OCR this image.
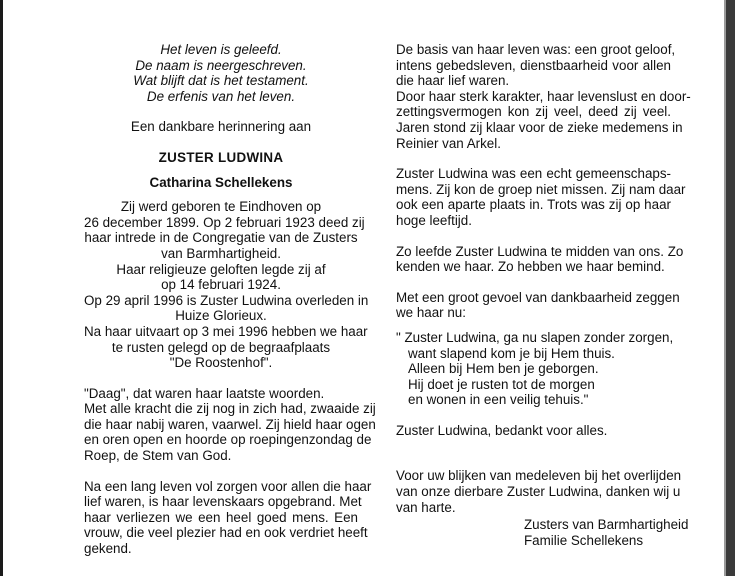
Het leven is geleefd.
De naam is neergeschreven.
Wat blijft dat is het testament.
De erfenis van het leven.
Een dankbare herinnering aan
ZUSTER LUDWINA
Catharina Schellekens
Zij werd geboren te Eindhoven op
26 december 1899. Op 2 februari 1923 deed zij
haar intrede in de Congregatie van de Zusters
van Barmhartigheid.
Haar religieuze geloften legde zij af
op 14 februari 1924.
Op 29 april 1996 is Zuster Ludwina overleden in
Huize Glorieux.
Na haar uitvaart op 3 mei 1996 hebben we haar
te rusten gelegd op de begraafplaats
"De Roostenhof".
"Daag", dat waren haar laatste woorden.
Met alle kracht die zij nog in zich had, zwaaide zij
die haar nabij waren, vaarwel. Zij hield haar ogen
en oren open en hoorde op roepingenzondag de
Roep, de Stem van God.
Na een lang leven vol zorgen voor allen die haar
lief waren, is haar levenskaars opgebrand. Met
haar verliezen we een heel goed mens. Een
vrouw, die veel plezier had en ook verdriet heeft
gekend.
De basis van haar leven was: een groot geloof,
intens gebedsleven, dienstbaarheid voor allen
die haar lief waren.
Door haar sterk karakter, haar levenslust en door-
zettingsvermogen kon zij veel, deed zij veel.
Jaren stond zij klaar voor de zieke medemens in
Reinier van Arkel.
Zuster Ludwina was een echt gemeenschaps-
mens. Zij kon de groep niet missen. Zij nam daar
ook een aparte plaats in. Trots was zij op haar
hoge leeftijd.
Zo leefde Zuster Ludwina te midden van ons. Zo
kenden we haar. Zo hebben we haar bemind.
Met een groot gevoel van dankbaarheid zeggen
we haar nu:
" Zuster Ludwina, ga nu slapen zonder zorgen,
want slapend kom je bij Hem thuis.
Alleen bij Hem ben je geborgen.
Hij doet je rusten tot de morgen
en wonen in een veilig tehuis."
Zuster Ludwina, bedankt voor alles.
Voor uw blijken van medeleven bij het overlijden
van onze dierbare Zuster Ludwina, danken wij u
van harte.
Zusters van Barmhartigheid
Familie Schellekens
